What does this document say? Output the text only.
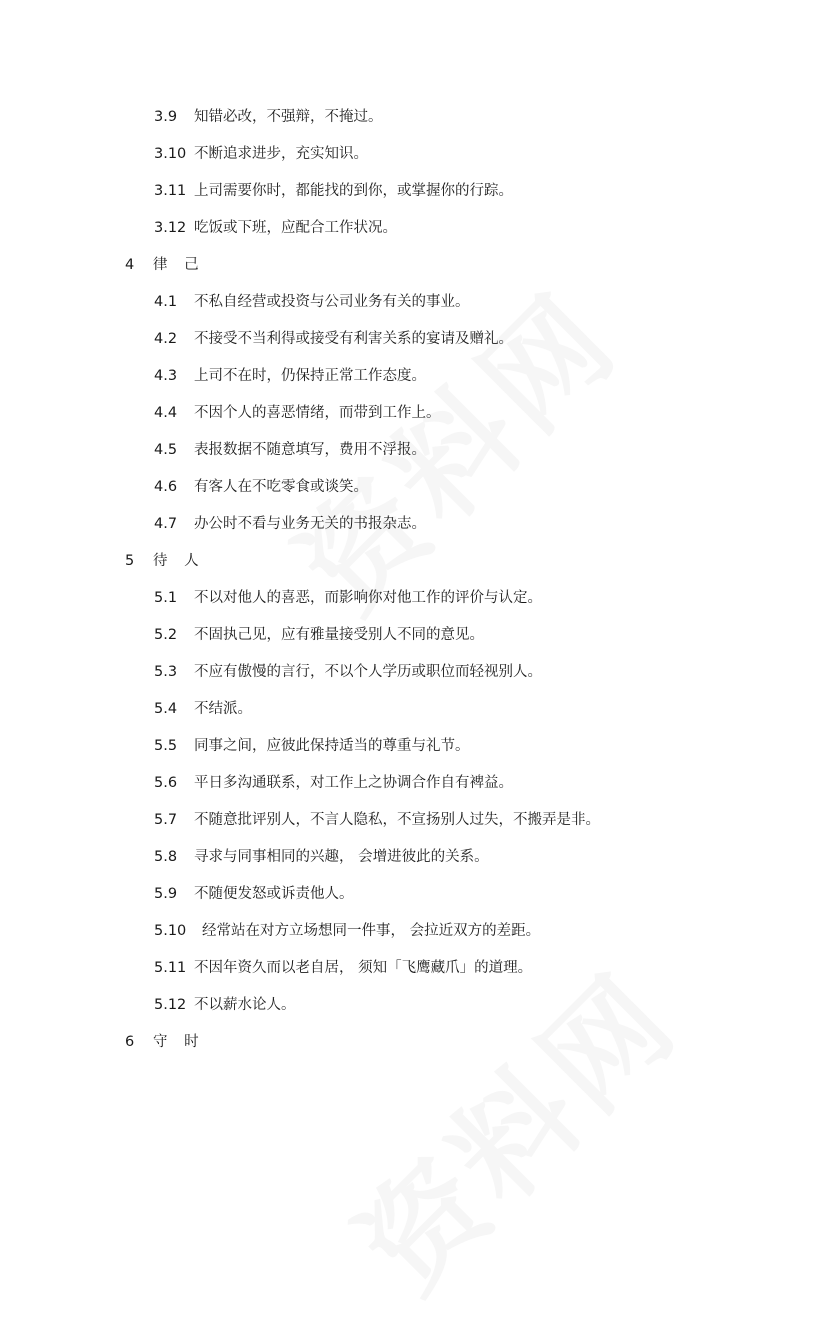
3.9 知错必改，不强辩，不掩过。
3.10 不断追求进步，充实知识。
3.11 上司需要你时，都能找的到你，或掌握你的行踪。
3.12 吃饭或下班，应配合工作状况。
4 律 己
4.1 不私自经营或投资与公司业务有关的事业。
4.2 不接受不当利得或接受有利害关系的宴请及赠礼。
4.3 上司不在时，仍保持正常工作态度。
4.4 不因个人的喜恶情绪，而带到工作上。
4.5 表报数据不随意填写，费用不浮报。
4.6 有客人在不吃零食或谈笑。
4.7 办公时不看与业务无关的书报杂志。
5 待 人
5.1 不以对他人的喜恶，而影响你对他工作的评价与认定。
5.2 不固执己见，应有雅量接受别人不同的意见。
5.3 不应有傲慢的言行，不以个人学历或职位而轻视别人。
5.4 不结派。
5.5 同事之间，应彼此保持适当的尊重与礼节。
5.6 平日多沟通联系，对工作上之协调合作自有裨益。
5.7 不随意批评别人，不言人隐私，不宣扬别人过失，不搬弄是非。
5.8 寻求与同事相同的兴趣， 会增进彼此的关系。
5.9 不随便发怒或诉责他人。
5.10 经常站在对方立场想同一件事， 会拉近双方的差距。
5.11 不因年资久而以老自居， 须知「飞鹰藏爪」的道理。
5.12 不以薪水论人。
6 守 时
